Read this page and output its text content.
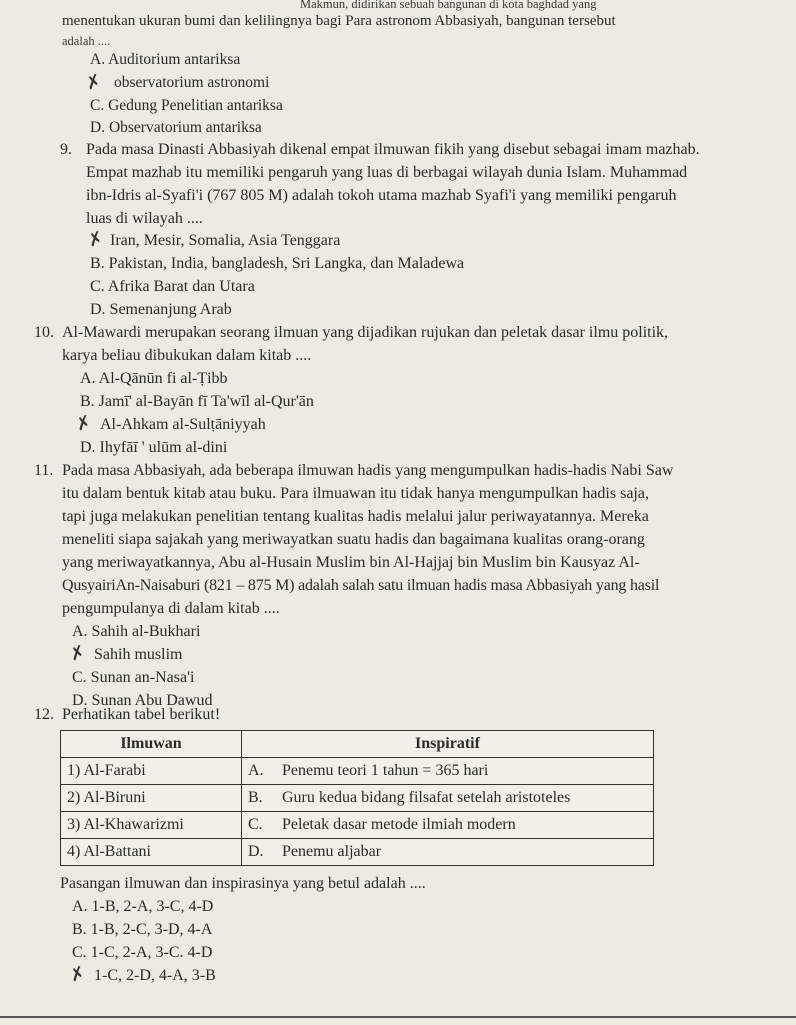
Makmun, didirikan sebuah bangunan di kota baghdad yang
menentukan ukuran bumi dan kelilingnya bagi Para astronom Abbasiyah, bangunan tersebut
adalah ....
A. Auditorium antariksa
✗ observatorium astronomi
C. Gedung Penelitian antariksa
D. Observatorium antariksa
9. Pada masa Dinasti Abbasiyah dikenal empat ilmuwan fikih yang disebut sebagai imam mazhab.
Empat mazhab itu memiliki pengaruh yang luas di berbagai wilayah dunia Islam. Muhammad
ibn-Idris al-Syafi'i (767 805 M) adalah tokoh utama mazhab Syafi'i yang memiliki pengaruh
luas di wilayah ....
✗ Iran, Mesir, Somalia, Asia Tenggara
B. Pakistan, India, bangladesh, Sri Langka, dan Maladewa
C. Afrika Barat dan Utara
D. Semenanjung Arab
10. Al-Mawardi merupakan seorang ilmuan yang dijadikan rujukan dan peletak dasar ilmu politik,
karya beliau dibukukan dalam kitab ....
A. Al-Qānūn fi al-Ṭibb
B. Jamī' al-Bayān fī Ta'wīl al-Qur'ān
✗ Al-Ahkam al-Sulṭāniyyah
D. Ihyfāī ' ulūm al-dini
11. Pada masa Abbasiyah, ada beberapa ilmuwan hadis yang mengumpulkan hadis-hadis Nabi Saw
itu dalam bentuk kitab atau buku. Para ilmuawan itu tidak hanya mengumpulkan hadis saja,
tapi juga melakukan penelitian tentang kualitas hadis melalui jalur periwayatannya. Mereka
meneliti siapa sajakah yang meriwayatkan suatu hadis dan bagaimana kualitas orang-orang
yang meriwayatkannya, Abu al-Husain Muslim bin Al-Hajjaj bin Muslim bin Kausyaz Al-
QusyairiAn-Naisaburi (821 – 875 M) adalah salah satu ilmuan hadis masa Abbasiyah yang hasil
pengumpulanya di dalam kitab ....
A. Sahih al-Bukhari
✗ Sahih muslim
C. Sunan an-Nasa'i
D. Sunan Abu Dawud
12. Perhatikan tabel berikut!
Ilmuwan	Inspiratif
1) Al-Farabi	A. Penemu teori 1 tahun = 365 hari
2) Al-Biruni	B. Guru kedua bidang filsafat setelah aristoteles
3) Al-Khawarizmi	C. Peletak dasar metode ilmiah modern
4) Al-Battani	D. Penemu aljabar
Pasangan ilmuwan dan inspirasinya yang betul adalah ....
A. 1-B, 2-A, 3-C, 4-D
B. 1-B, 2-C, 3-D, 4-A
C. 1-C, 2-A, 3-C. 4-D
✗ 1-C, 2-D, 4-A, 3-B
